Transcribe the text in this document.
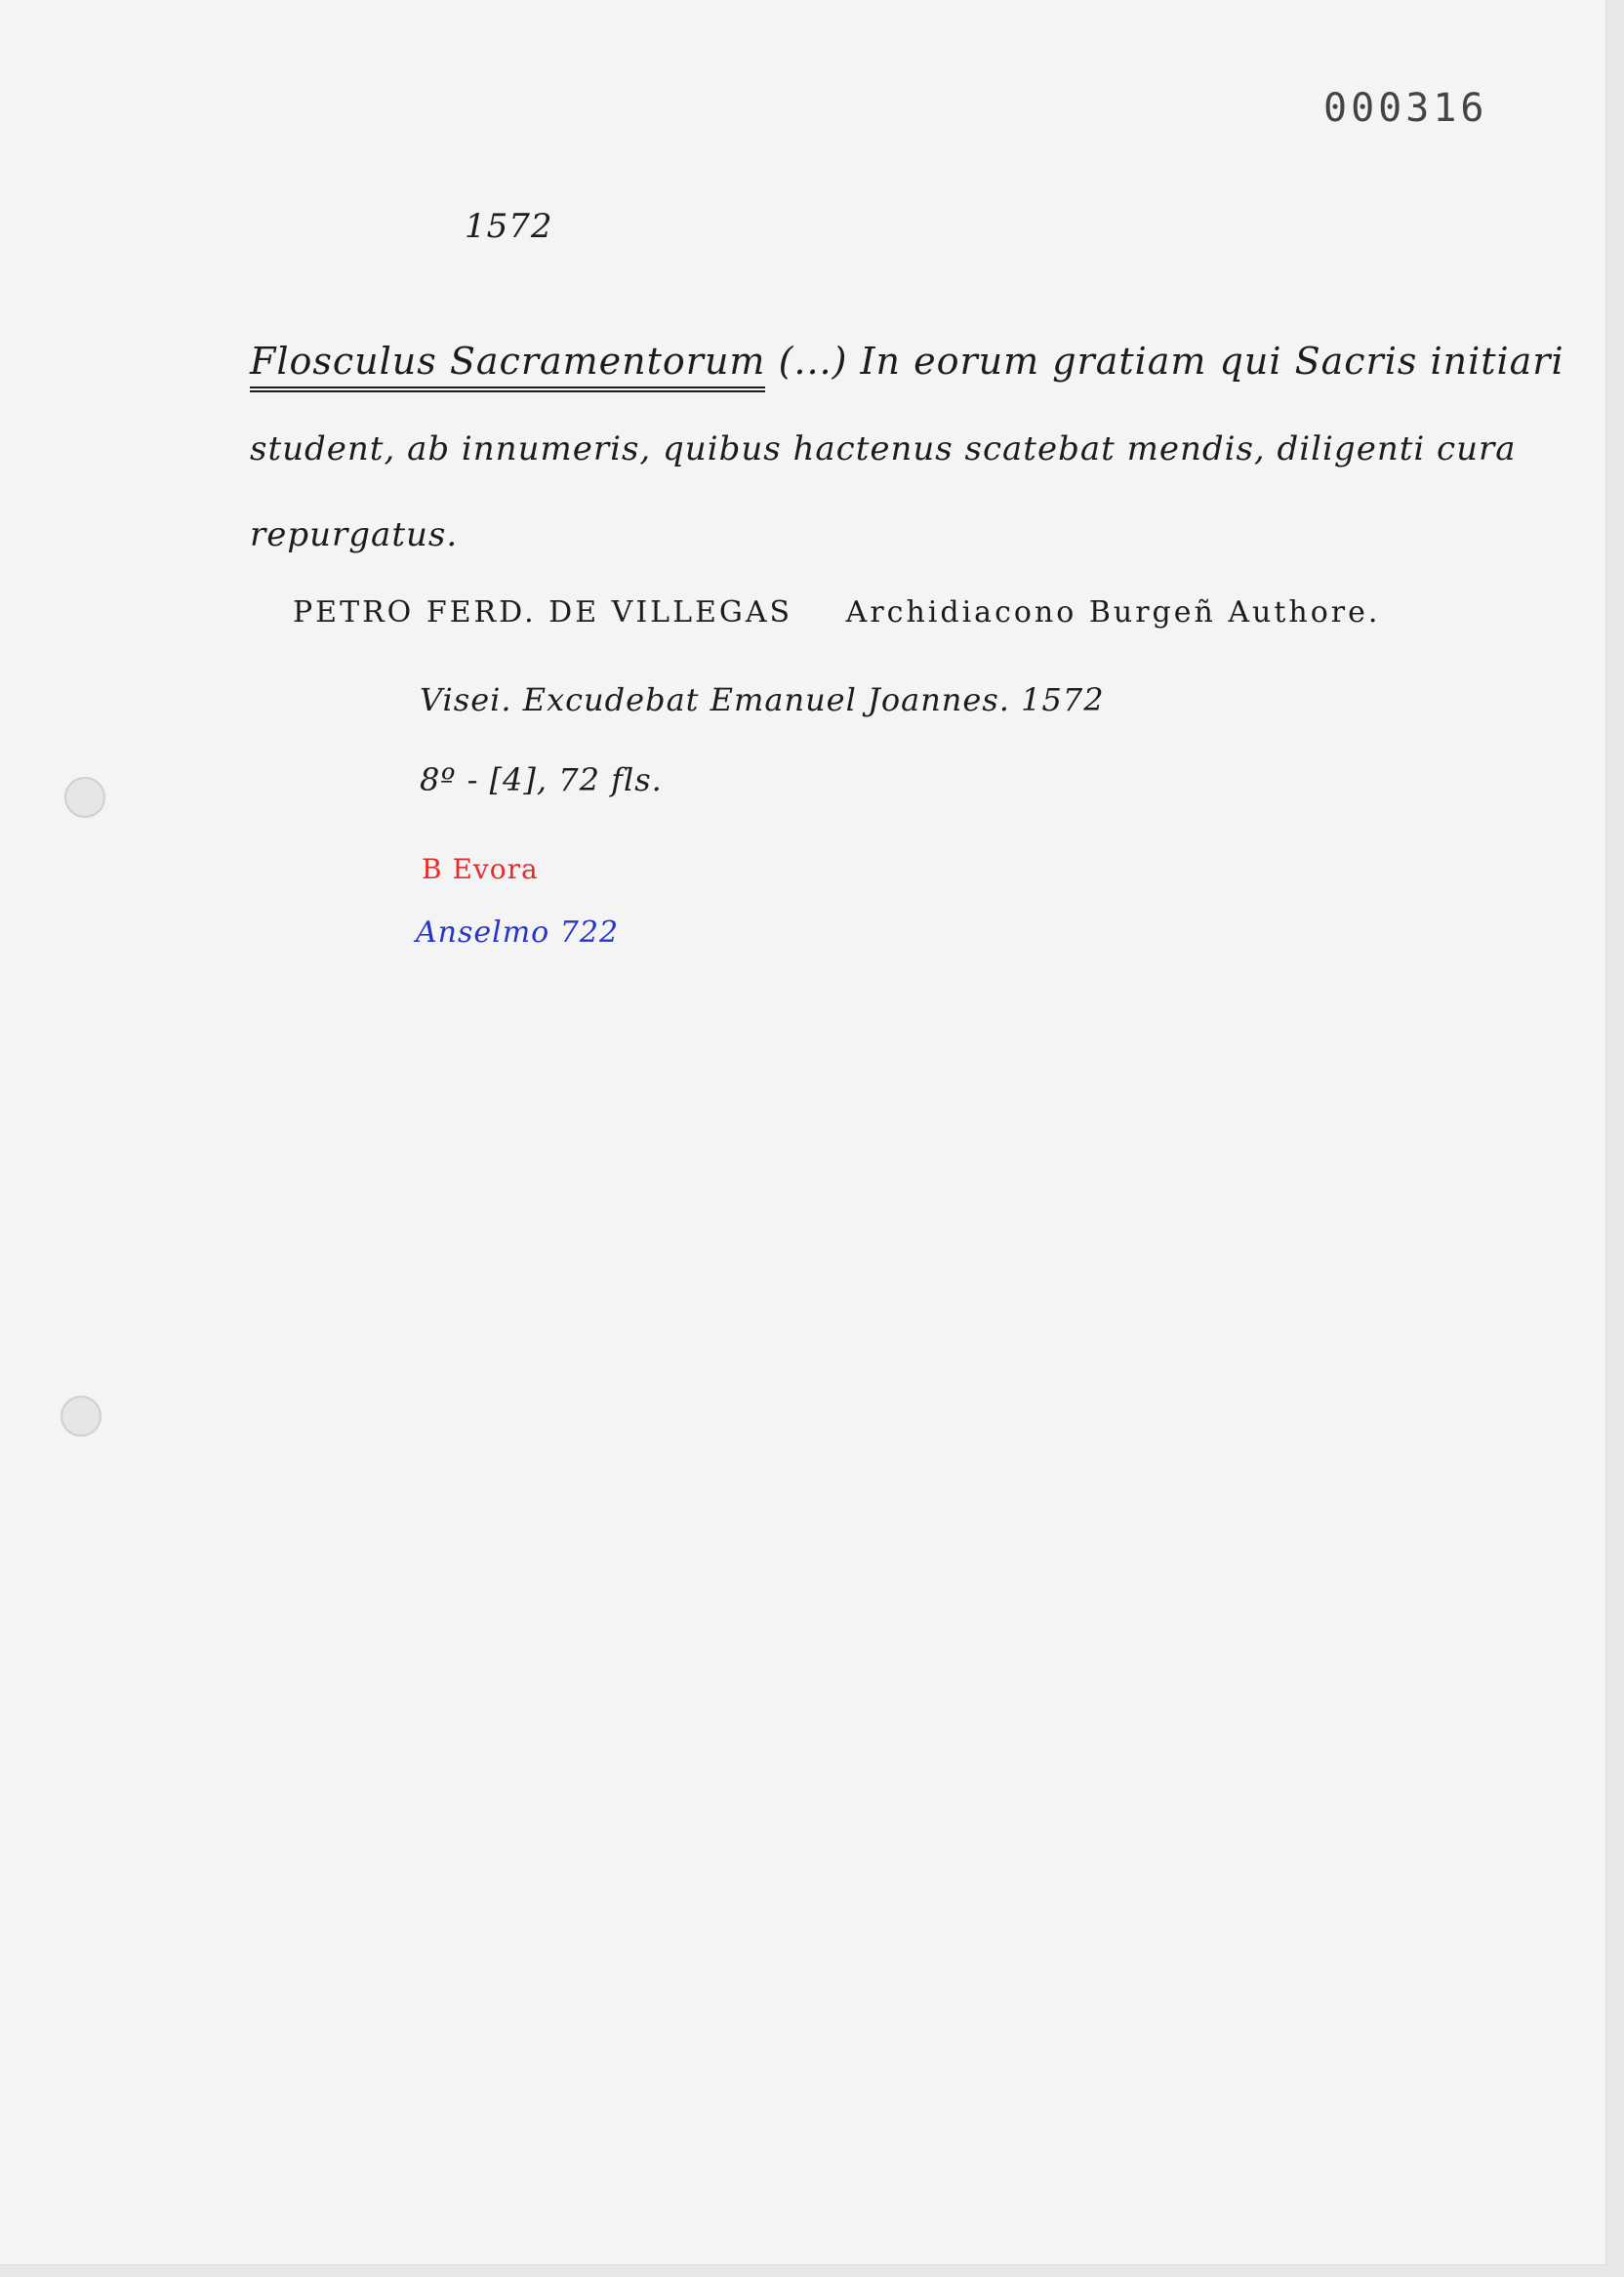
000316
1572
Flosculus Sacramentorum (...) In eorum gratiam qui Sacris initiari
student, ab innumeris, quibus hactenus scatebat mendis, diligenti cura
repurgatus.
PETRO FERD. DE VILLEGAS Archidiacono Burgeñ Authore.
Visei. Excudebat Emanuel Joannes. 1572
8º - [4], 72 fls.
B Evora
Anselmo 722
